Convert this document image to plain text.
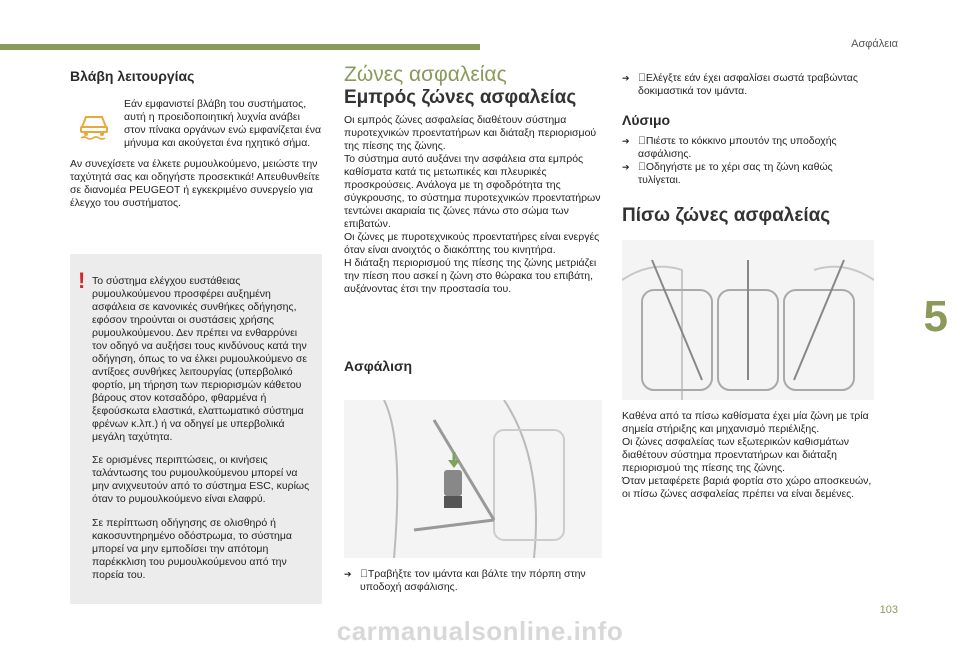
Ασφάλεια
5
103

Βλάβη λειτουργίας

Εάν εμφανιστεί βλάβη του συστήματος, αυτή η προειδοποιητική λυχνία ανάβει στον πίνακα οργάνων ενώ εμφανίζεται ένα μήνυμα και ακούγεται ένα ηχητικό σήμα.

Αν συνεχίσετε να έλκετε ρυμουλκούμενο, μειώστε την ταχύτητά σας και οδηγήστε προσεκτικά! Απευθυνθείτε σε διανομέα PEUGEOT ή εγκεκριμένο συνεργείο για έλεγχο του συστήματος.

! Το σύστημα ελέγχου ευστάθειας ρυμουλκούμενου προσφέρει αυξημένη ασφάλεια σε κανονικές συνθήκες οδήγησης, εφόσον τηρούνται οι συστάσεις χρήσης ρυμουλκούμενου. Δεν πρέπει να ενθαρρύνει τον οδηγό να αυξήσει τους κινδύνους κατά την οδήγηση, όπως το να έλκει ρυμουλκούμενο σε αντίξοες συνθήκες λειτουργίας (υπερβολικό φορτίο, μη τήρηση των περιορισμών κάθετου βάρους στον κοτσαδόρο, φθαρμένα ή ξεφούσκωτα ελαστικά, ελαττωματικό σύστημα φρένων κ.λπ.) ή να οδηγεί με υπερβολικά μεγάλη ταχύτητα.

Σε ορισμένες περιπτώσεις, οι κινήσεις ταλάντωσης του ρυμουλκούμενου μπορεί να μην ανιχνευτούν από το σύστημα ESC, κυρίως όταν το ρυμουλκούμενο είναι ελαφρύ.

Σε περίπτωση οδήγησης σε ολισθηρό ή κακοσυντηρημένο οδόστρωμα, το σύστημα μπορεί να μην εμποδίσει την απότομη παρέκκλιση του ρυμουλκούμενου από την πορεία του.

Ζώνες ασφαλείας

Εμπρός ζώνες ασφαλείας

Οι εμπρός ζώνες ασφαλείας διαθέτουν σύστημα πυροτεχνικών προεντατήρων και διάταξη περιορισμού της πίεσης της ζώνης.

Το σύστημα αυτό αυξάνει την ασφάλεια στα εμπρός καθίσματα κατά τις μετωπικές και πλευρικές προσκρούσεις. Ανάλογα με τη σφοδρότητα της σύγκρουσης, το σύστημα πυροτεχνικών προεντατήρων τεντώνει ακαριαία τις ζώνες πάνω στο σώμα των επιβατών.

Οι ζώνες με πυροτεχνικούς προεντατήρες είναι ενεργές όταν είναι ανοιχτός ο διακόπτης του κινητήρα.

Η διάταξη περιορισμού της πίεσης της ζώνης μετριάζει την πίεση που ασκεί η ζώνη στο θώρακα του επιβάτη, αυξάνοντας έτσι την προστασία του.

Ασφάλιση

➔ Τραβήξτε τον ιμάντα και βάλτε την πόρπη στην υποδοχή ασφάλισης.

➔ Ελέγξτε εάν έχει ασφαλίσει σωστά τραβώντας δοκιμαστικά τον ιμάντα.

Λύσιμο

➔ Πιέστε το κόκκινο μπουτόν της υποδοχής ασφάλισης.

➔ Οδηγήστε με το χέρι σας τη ζώνη καθώς τυλίγεται.

Πίσω ζώνες ασφαλείας

Καθένα από τα πίσω καθίσματα έχει μία ζώνη με τρία σημεία στήριξης και μηχανισμό περιέλιξης.

Οι ζώνες ασφαλείας των εξωτερικών καθισμάτων διαθέτουν σύστημα προεντατήρων και διάταξη περιορισμού της πίεσης της ζώνης.

Όταν μεταφέρετε βαριά φορτία στο χώρο αποσκευών, οι πίσω ζώνες ασφαλείας πρέπει να είναι δεμένες.

carmanualsonline.info
